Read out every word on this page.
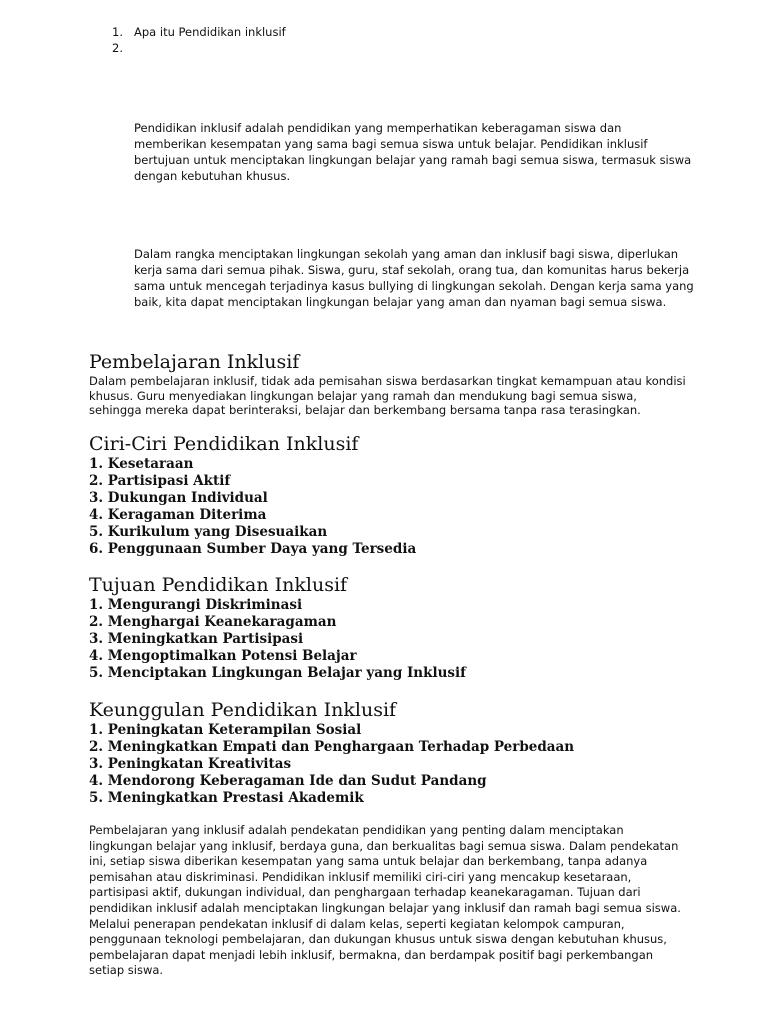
1. Apa itu Pendidikan inklusif
2.

Pendidikan inklusif adalah pendidikan yang memperhatikan keberagaman siswa dan memberikan kesempatan yang sama bagi semua siswa untuk belajar. Pendidikan inklusif bertujuan untuk menciptakan lingkungan belajar yang ramah bagi semua siswa, termasuk siswa dengan kebutuhan khusus.

Dalam rangka menciptakan lingkungan sekolah yang aman dan inklusif bagi siswa, diperlukan kerja sama dari semua pihak. Siswa, guru, staf sekolah, orang tua, dan komunitas harus bekerja sama untuk mencegah terjadinya kasus bullying di lingkungan sekolah. Dengan kerja sama yang baik, kita dapat menciptakan lingkungan belajar yang aman dan nyaman bagi semua siswa.

Pembelajaran Inklusif

Dalam pembelajaran inklusif, tidak ada pemisahan siswa berdasarkan tingkat kemampuan atau kondisi khusus. Guru menyediakan lingkungan belajar yang ramah dan mendukung bagi semua siswa, sehingga mereka dapat berinteraksi, belajar dan berkembang bersama tanpa rasa terasingkan.

Ciri-Ciri Pendidikan Inklusif
1. Kesetaraan
2. Partisipasi Aktif
3. Dukungan Individual
4. Keragaman Diterima
5. Kurikulum yang Disesuaikan
6. Penggunaan Sumber Daya yang Tersedia
Tujuan Pendidikan Inklusif
1. Mengurangi Diskriminasi
2. Menghargai Keanekaragaman
3. Meningkatkan Partisipasi
4. Mengoptimalkan Potensi Belajar
5. Menciptakan Lingkungan Belajar yang Inklusif
Keunggulan Pendidikan Inklusif
1. Peningkatan Keterampilan Sosial
2. Meningkatkan Empati dan Penghargaan Terhadap Perbedaan
3. Peningkatan Kreativitas
4. Mendorong Keberagaman Ide dan Sudut Pandang
5. Meningkatkan Prestasi Akademik

Pembelajaran yang inklusif adalah pendekatan pendidikan yang penting dalam menciptakan lingkungan belajar yang inklusif, berdaya guna, dan berkualitas bagi semua siswa. Dalam pendekatan ini, setiap siswa diberikan kesempatan yang sama untuk belajar dan berkembang, tanpa adanya pemisahan atau diskriminasi. Pendidikan inklusif memiliki ciri-ciri yang mencakup kesetaraan, partisipasi aktif, dukungan individual, dan penghargaan terhadap keanekaragaman. Tujuan dari pendidikan inklusif adalah menciptakan lingkungan belajar yang inklusif dan ramah bagi semua siswa. Melalui penerapan pendekatan inklusif di dalam kelas, seperti kegiatan kelompok campuran, penggunaan teknologi pembelajaran, dan dukungan khusus untuk siswa dengan kebutuhan khusus, pembelajaran dapat menjadi lebih inklusif, bermakna, dan berdampak positif bagi perkembangan setiap siswa.
